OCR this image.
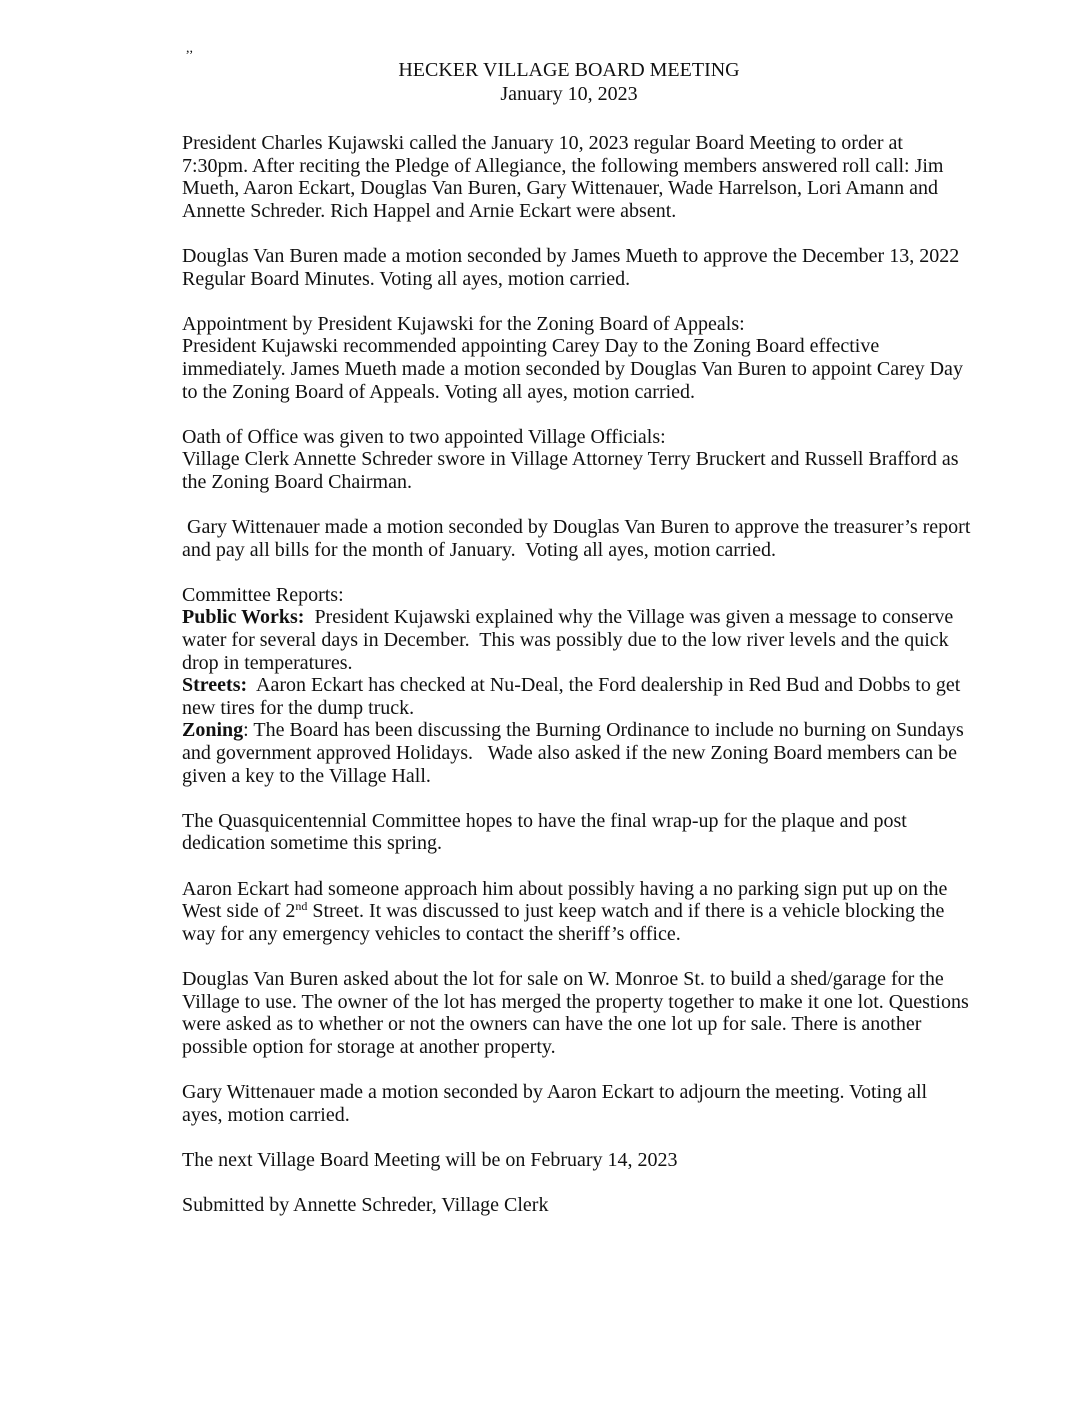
,,
HECKER VILLAGE BOARD MEETING
January 10, 2023

President Charles Kujawski called the January 10, 2023 regular Board Meeting to order at 7:30pm. After reciting the Pledge of Allegiance, the following members answered roll call: Jim Mueth, Aaron Eckart, Douglas Van Buren, Gary Wittenauer, Wade Harrelson, Lori Amann and Annette Schreder. Rich Happel and Arnie Eckart were absent.

Douglas Van Buren made a motion seconded by James Mueth to approve the December 13, 2022 Regular Board Minutes. Voting all ayes, motion carried.

Appointment by President Kujawski for the Zoning Board of Appeals:
President Kujawski recommended appointing Carey Day to the Zoning Board effective immediately. James Mueth made a motion seconded by Douglas Van Buren to appoint Carey Day to the Zoning Board of Appeals. Voting all ayes, motion carried.

Oath of Office was given to two appointed Village Officials:
Village Clerk Annette Schreder swore in Village Attorney Terry Bruckert and Russell Brafford as the Zoning Board Chairman.

Gary Wittenauer made a motion seconded by Douglas Van Buren to approve the treasurer’s report and pay all bills for the month of January.  Voting all ayes, motion carried.

Committee Reports:
Public Works:  President Kujawski explained why the Village was given a message to conserve water for several days in December.  This was possibly due to the low river levels and the quick drop in temperatures.
Streets:  Aaron Eckart has checked at Nu-Deal, the Ford dealership in Red Bud and Dobbs to get new tires for the dump truck.
Zoning: The Board has been discussing the Burning Ordinance to include no burning on Sundays and government approved Holidays.   Wade also asked if the new Zoning Board members can be given a key to the Village Hall.

The Quasquicentennial Committee hopes to have the final wrap-up for the plaque and post dedication sometime this spring.

Aaron Eckart had someone approach him about possibly having a no parking sign put up on the West side of 2nd Street. It was discussed to just keep watch and if there is a vehicle blocking the way for any emergency vehicles to contact the sheriff’s office.

Douglas Van Buren asked about the lot for sale on W. Monroe St. to build a shed/garage for the Village to use. The owner of the lot has merged the property together to make it one lot. Questions were asked as to whether or not the owners can have the one lot up for sale. There is another possible option for storage at another property.

Gary Wittenauer made a motion seconded by Aaron Eckart to adjourn the meeting. Voting all ayes, motion carried.

The next Village Board Meeting will be on February 14, 2023

Submitted by Annette Schreder, Village Clerk
